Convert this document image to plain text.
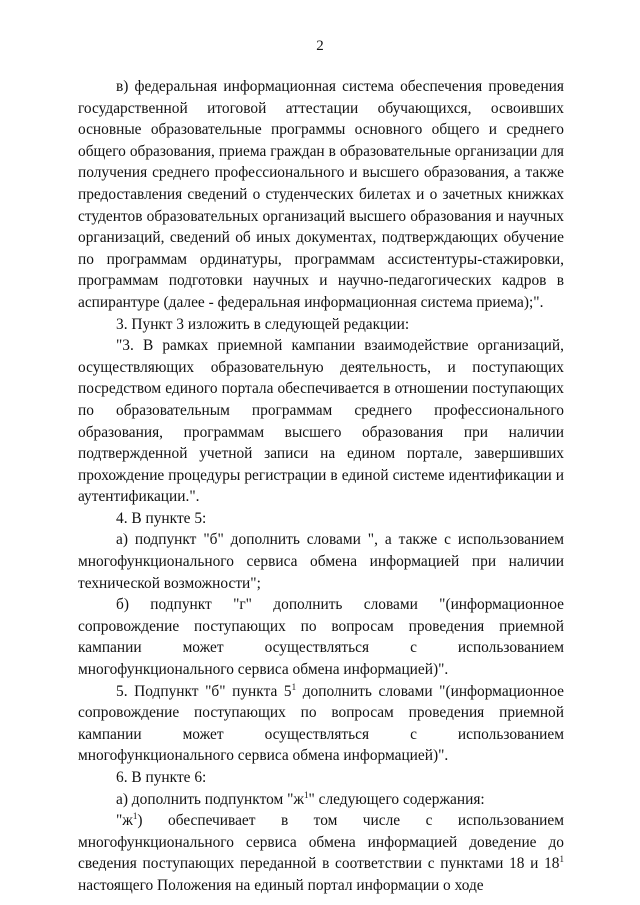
2

в) федеральная информационная система обеспечения проведения государственной итоговой аттестации обучающихся, освоивших основные образовательные программы основного общего и среднего общего образования, приема граждан в образовательные организации для получения среднего профессионального и высшего образования, а также предоставления сведений о студенческих билетах и о зачетных книжках студентов образовательных организаций высшего образования и научных организаций, сведений об иных документах, подтверждающих обучение по программам ординатуры, программам ассистентуры-стажировки, программам подготовки научных и научно-педагогических кадров в аспирантуре (далее - федеральная информационная система приема);".

3. Пункт 3 изложить в следующей редакции:

"3. В рамках приемной кампании взаимодействие организаций, осуществляющих образовательную деятельность, и поступающих посредством единого портала обеспечивается в отношении поступающих по образовательным программам среднего профессионального образования, программам высшего образования при наличии подтвержденной учетной записи на едином портале, завершивших прохождение процедуры регистрации в единой системе идентификации и аутентификации.".

4. В пункте 5:

а) подпункт "б" дополнить словами ", а также с использованием многофункционального сервиса обмена информацией при наличии технической возможности";

б) подпункт "г" дополнить словами "(информационное сопровождение поступающих по вопросам проведения приемной кампании может осуществляться с использованием многофункционального сервиса обмена информацией)".

5. Подпункт "б" пункта $5^1$ дополнить словами "(информационное сопровождение поступающих по вопросам проведения приемной кампании может осуществляться с использованием многофункционального сервиса обмена информацией)".

6. В пункте 6:

а) дополнить подпунктом "$ж^1$" следующего содержания:

"$ж^1$) обеспечивает в том числе с использованием многофункционального сервиса обмена информацией доведение до сведения поступающих переданной в соответствии с пунктами 18 и $18^1$ настоящего Положения на единый портал информации о ходе
